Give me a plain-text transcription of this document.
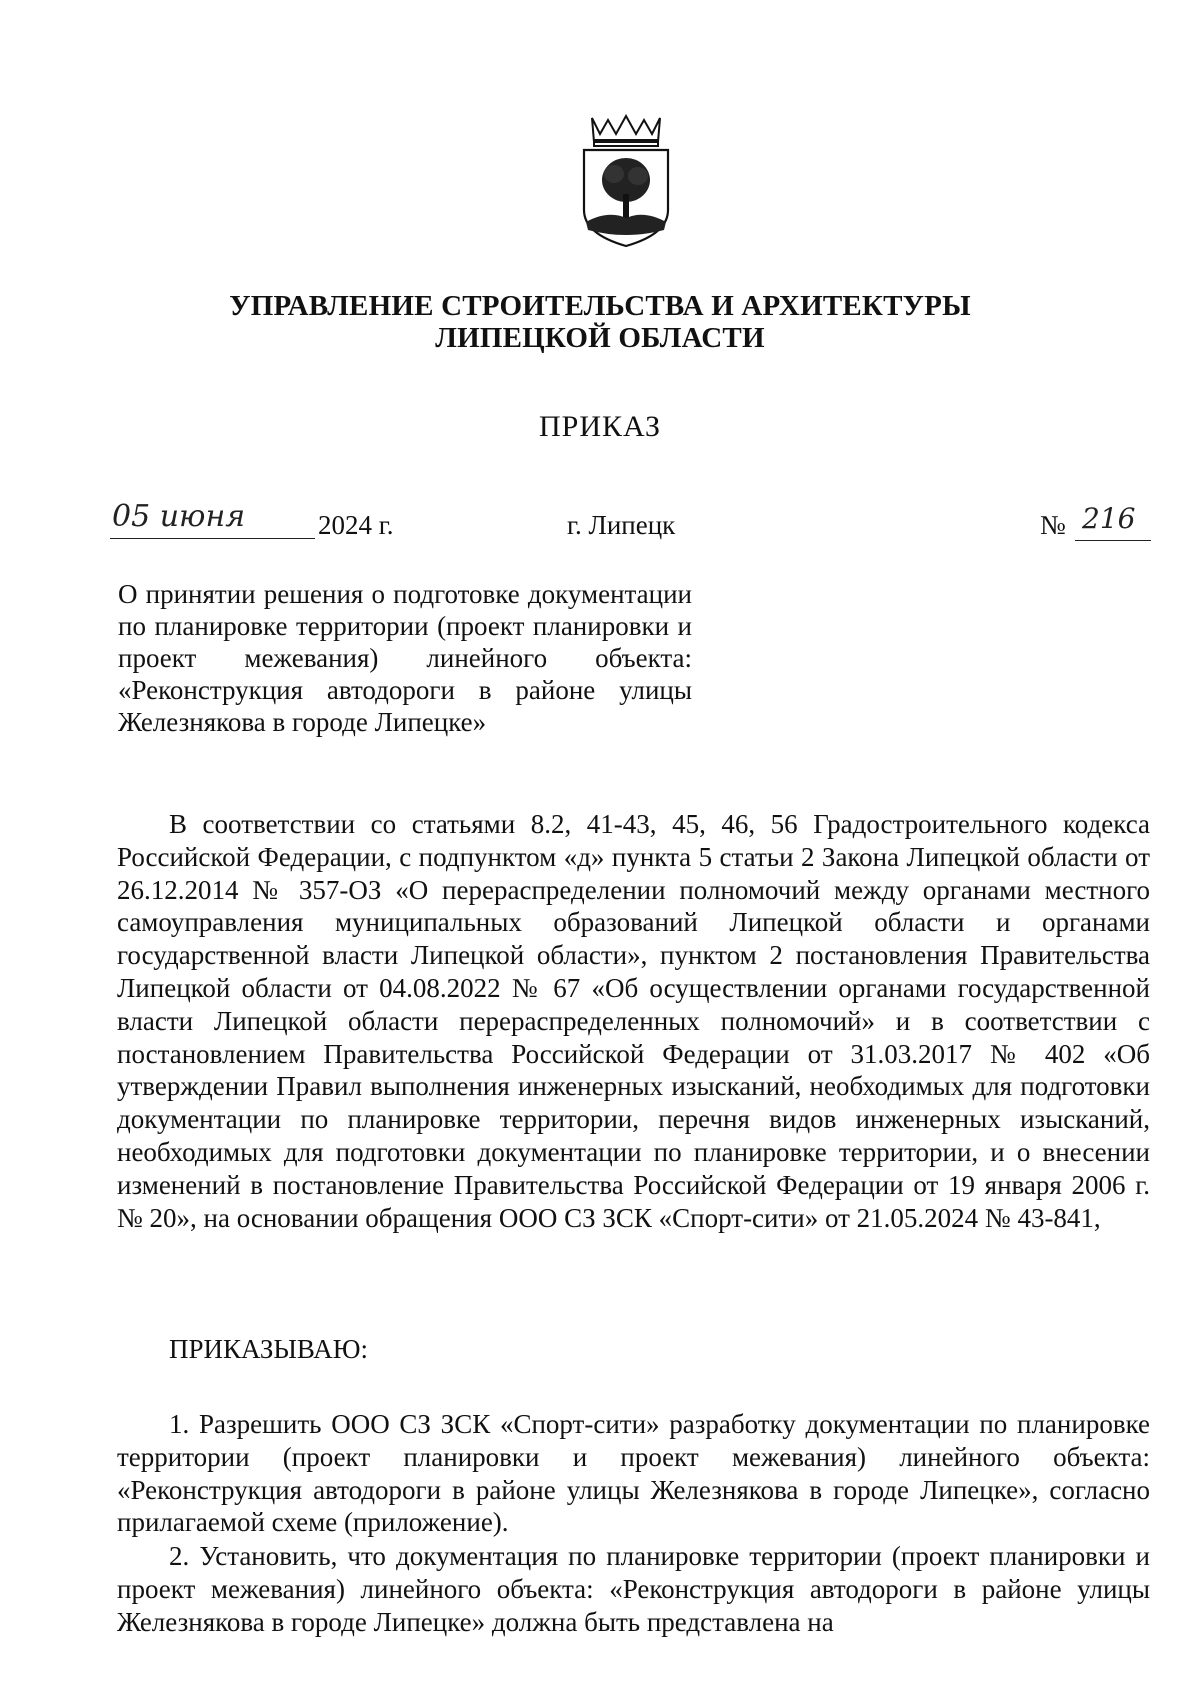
УПРАВЛЕНИЕ СТРОИТЕЛЬСТВА И АРХИТЕКТУРЫ
ЛИПЕЦКОЙ ОБЛАСТИ
ПРИКАЗ
05 июня	2024 г.	г. Липецк	№ 216
О принятии решения о подготовке документации по планировке территории (проект планировки и проект межевания) линейного объекта: «Реконструкция автодороги в районе улицы Железнякова в городе Липецке»

В соответствии со статьями 8.2, 41-43, 45, 46, 56 Градостроительного кодекса Российской Федерации, с подпунктом «д» пункта 5 статьи 2 Закона Липецкой области от 26.12.2014 № 357-ОЗ «О перераспределении полномочий между органами местного самоуправления муниципальных образований Липецкой области и органами государственной власти Липецкой области», пунктом 2 постановления Правительства Липецкой области от 04.08.2022 № 67 «Об осуществлении органами государственной власти Липецкой области перераспределенных полномочий» и в соответствии с постановлением Правительства Российской Федерации от 31.03.2017 № 402 «Об утверждении Правил выполнения инженерных изысканий, необходимых для подготовки документации по планировке территории, перечня видов инженерных изысканий, необходимых для подготовки документации по планировке территории, и о внесении изменений в постановление Правительства Российской Федерации от 19 января 2006 г. № 20», на основании обращения ООО СЗ ЗСК «Спорт-сити» от 21.05.2024 № 43-841,

ПРИКАЗЫВАЮ:

1. Разрешить ООО СЗ ЗСК «Спорт-сити» разработку документации по планировке территории (проект планировки и проект межевания) линейного объекта: «Реконструкция автодороги в районе улицы Железнякова в городе Липецке», согласно прилагаемой схеме (приложение).

2. Установить, что документация по планировке территории (проект планировки и проект межевания) линейного объекта: «Реконструкция автодороги в районе улицы Железнякова в городе Липецке» должна быть представлена на
